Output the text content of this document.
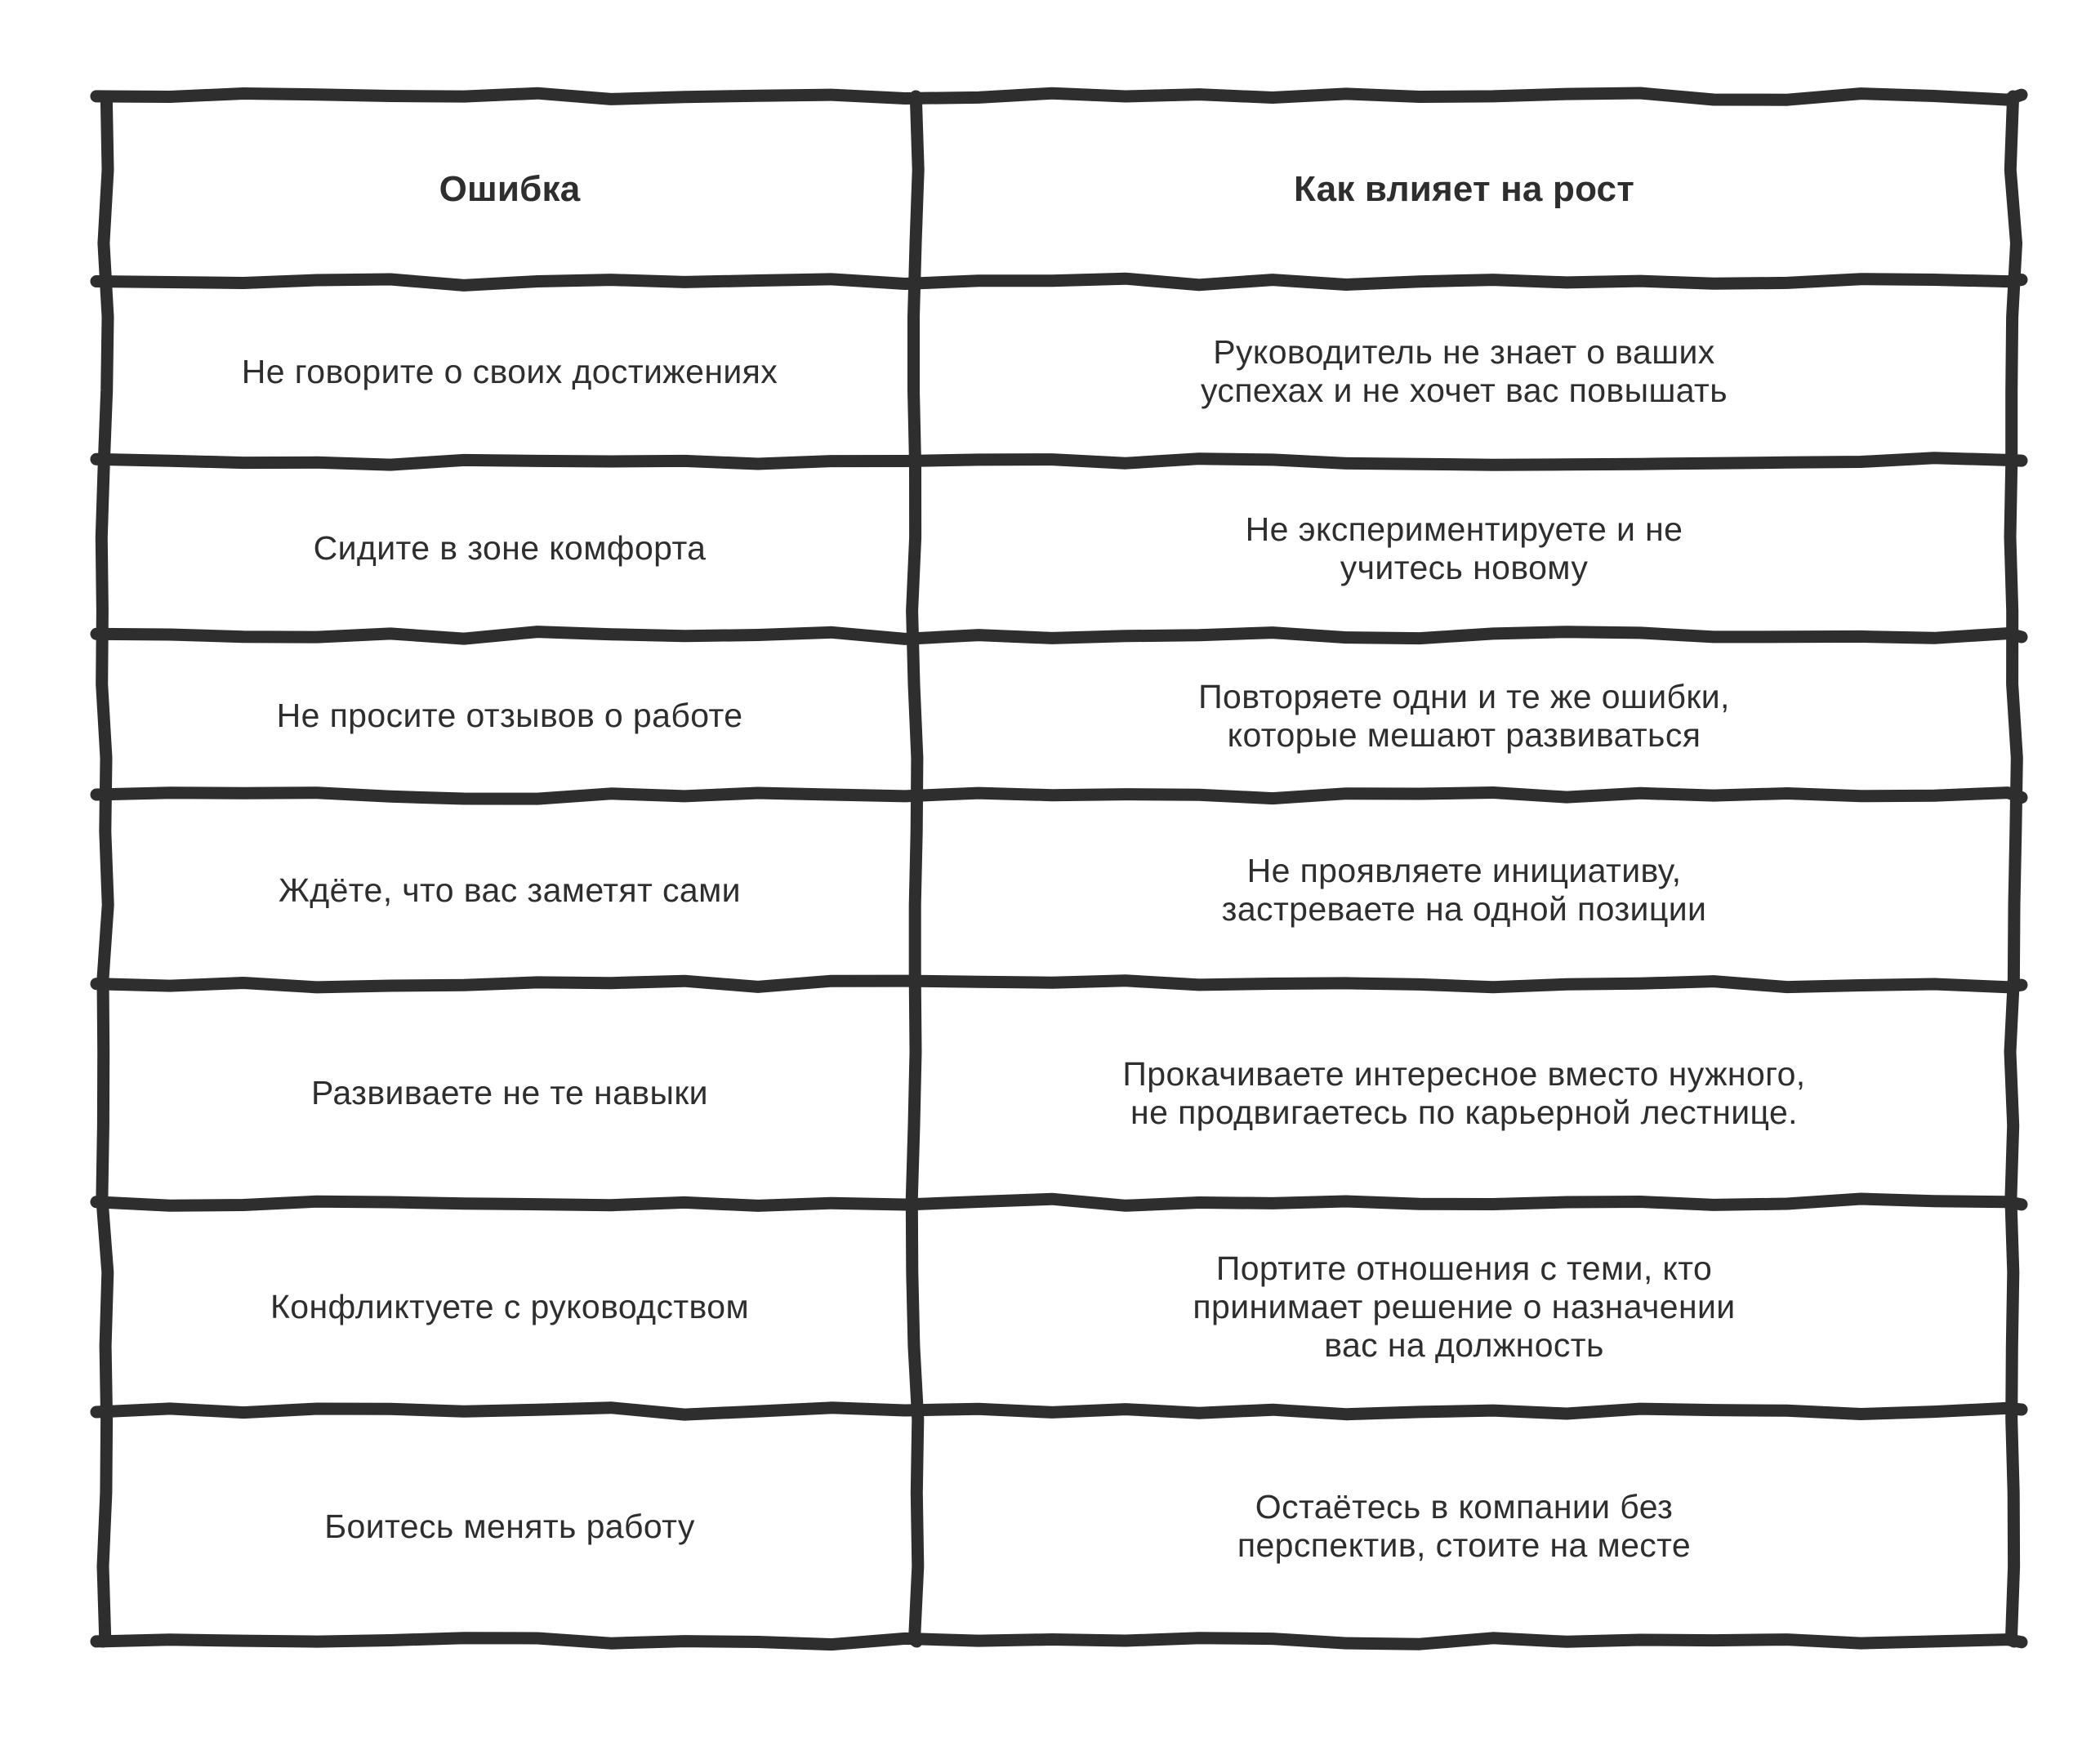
Ошибка	Как влияет на рост
Не говорите о своих достижениях
Руководитель не знает о ваших
успехах и не хочет вас повышать
Сидите в зоне комфорта
Не экспериментируете и не
учитесь новому
Не просите отзывов о работе
Повторяете одни и те же ошибки,
которые мешают развиваться
Ждёте, что вас заметят сами
Не проявляете инициативу,
застреваете на одной позиции
Развиваете не те навыки
Прокачиваете интересное вместо нужного,
не продвигаетесь по карьерной лестнице.
Конфликтуете с руководством
Портите отношения с теми, кто
принимает решение о назначении
вас на должность
Боитесь менять работу
Остаётесь в компании без
перспектив, стоите на месте
